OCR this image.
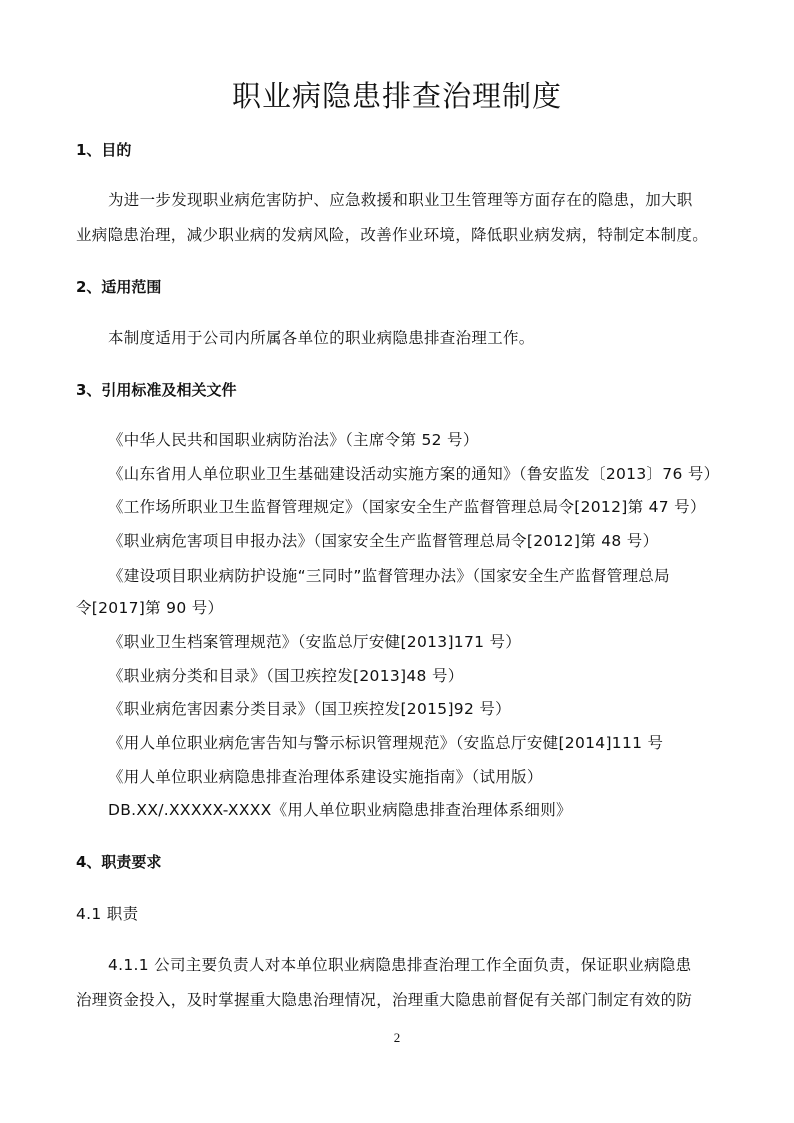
职业病隐患排查治理制度
1、目的
为进一步发现职业病危害防护、应急救援和职业卫生管理等方面存在的隐患，加大职
业病隐患治理，减少职业病的发病风险，改善作业环境，降低职业病发病，特制定本制度。
2、适用范围
本制度适用于公司内所属各单位的职业病隐患排查治理工作。
3、引用标准及相关文件
《中华人民共和国职业病防治法》（主席令第 52 号）
《山东省用人单位职业卫生基础建设活动实施方案的通知》（鲁安监发〔2013〕76 号）
《工作场所职业卫生监督管理规定》（国家安全生产监督管理总局令[2012]第 47 号）
《职业病危害项目申报办法》（国家安全生产监督管理总局令[2012]第 48 号）
《建设项目职业病防护设施“三同时”监督管理办法》（国家安全生产监督管理总局
令[2017]第 90 号）
《职业卫生档案管理规范》（安监总厅安健[2013]171 号）
《职业病分类和目录》（国卫疾控发[2013]48 号）
《职业病危害因素分类目录》（国卫疾控发[2015]92 号）
《用人单位职业病危害告知与警示标识管理规范》（安监总厅安健[2014]111 号
《用人单位职业病隐患排查治理体系建设实施指南》（试用版）
DB.XX/.XXXXX-XXXX《用人单位职业病隐患排查治理体系细则》
4、职责要求
4.1 职责
4.1.1 公司主要负责人对本单位职业病隐患排查治理工作全面负责，保证职业病隐患
治理资金投入，及时掌握重大隐患治理情况，治理重大隐患前督促有关部门制定有效的防
2
